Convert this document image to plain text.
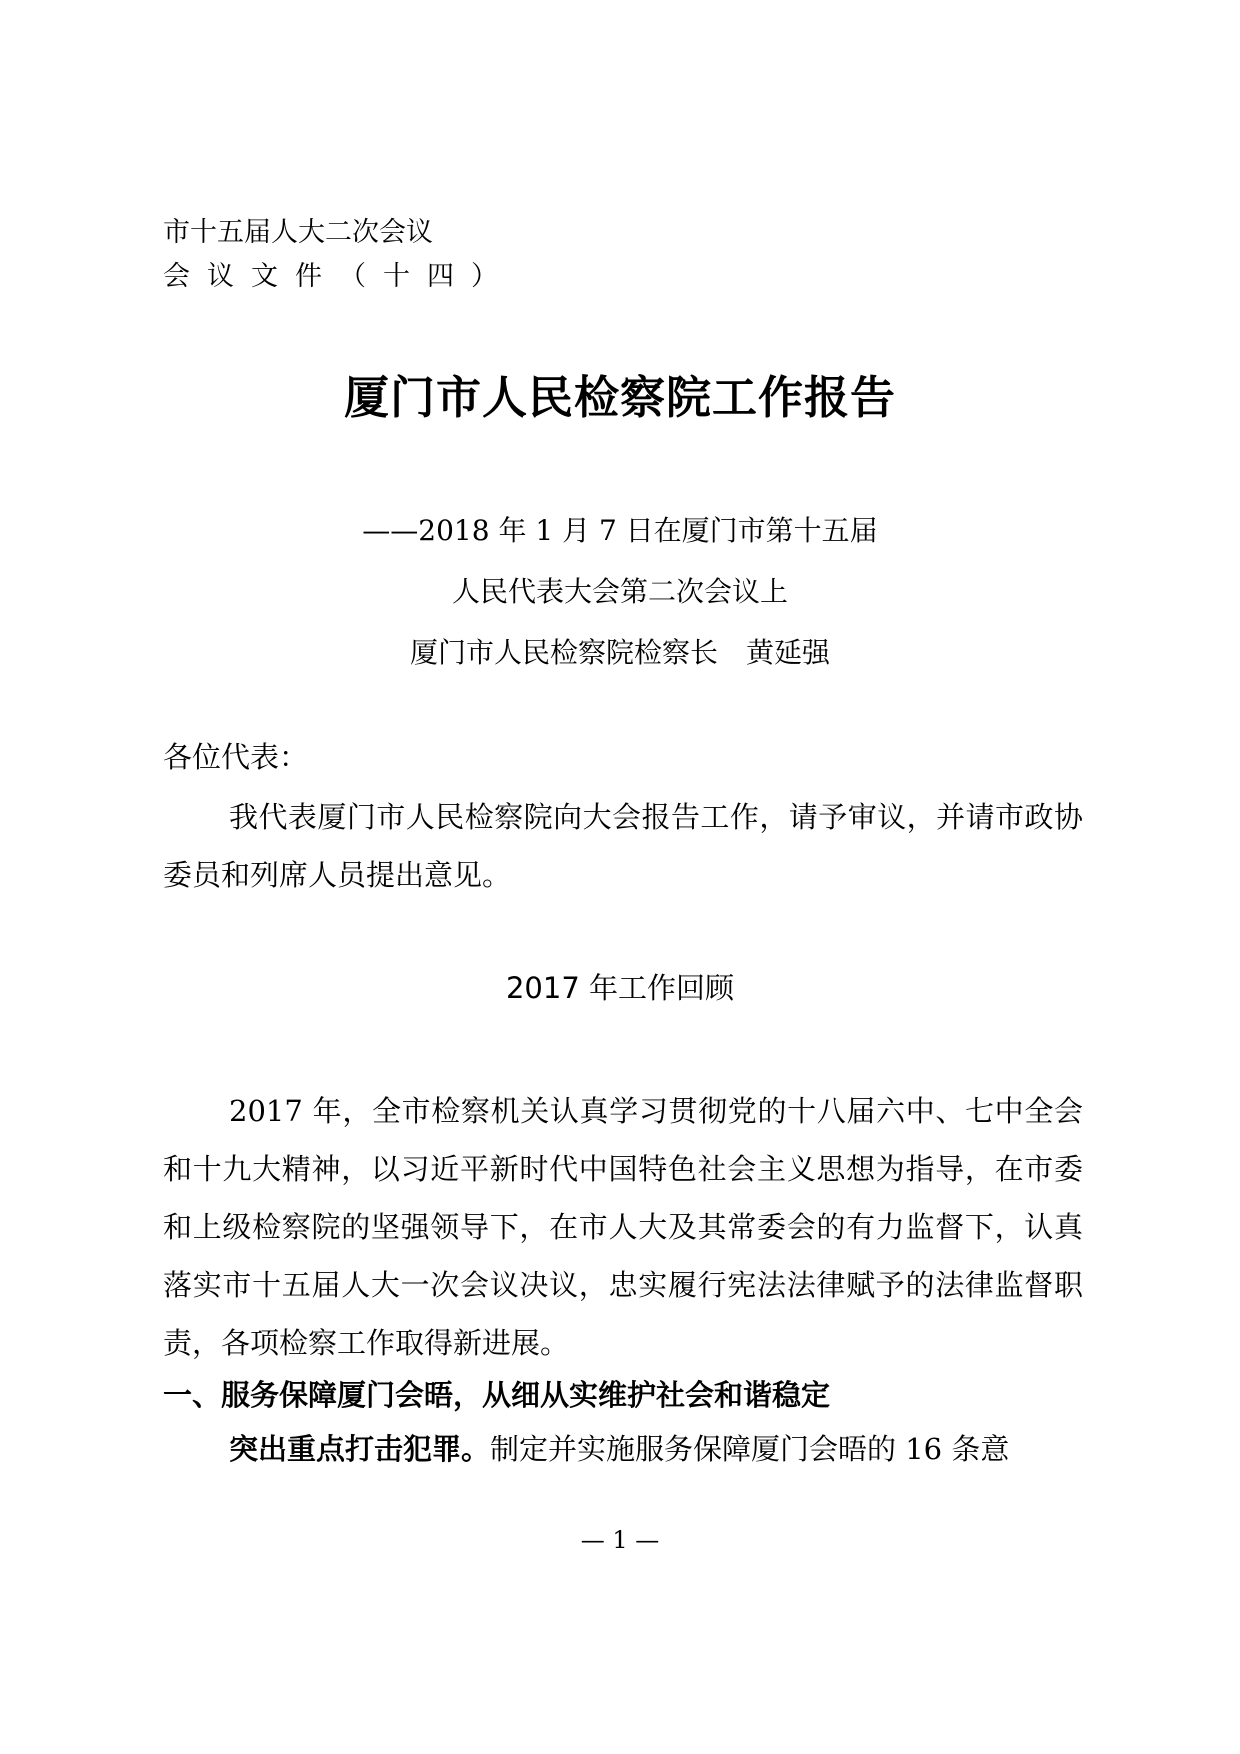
市十五届人大二次会议
会议文件（十四）
厦门市人民检察院工作报告
——2018 年 1 月 7 日在厦门市第十五届
人民代表大会第二次会议上
厦门市人民检察院检察长　黄延强
各位代表：
我代表厦门市人民检察院向大会报告工作，请予审议，并请市政协委员和列席人员提出意见。
2017 年工作回顾
2017 年，全市检察机关认真学习贯彻党的十八届六中、七中全会和十九大精神，以习近平新时代中国特色社会主义思想为指导，在市委和上级检察院的坚强领导下，在市人大及其常委会的有力监督下，认真落实市十五届人大一次会议决议，忠实履行宪法法律赋予的法律监督职责，各项检察工作取得新进展。
一、服务保障厦门会晤，从细从实维护社会和谐稳定
突出重点打击犯罪。制定并实施服务保障厦门会晤的 16 条意
— 1 —
